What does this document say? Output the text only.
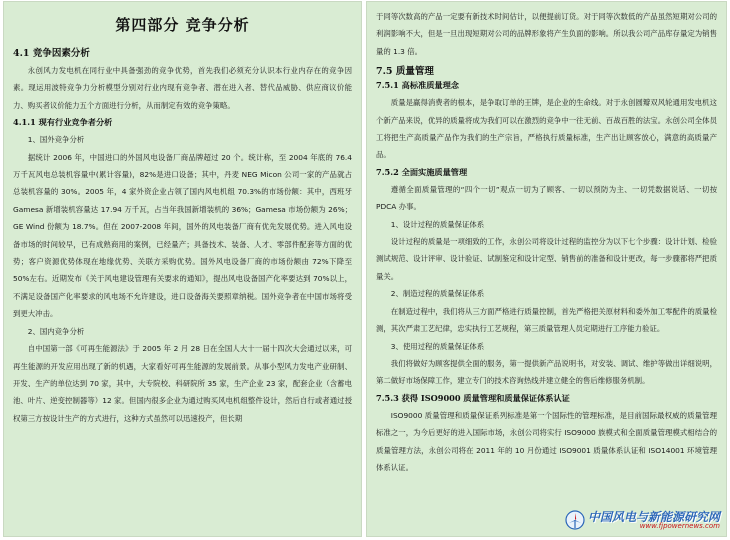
第四部分 竞争分析
4.1 竞争因素分析

永创风力发电机在同行业中具备强劲的竞争优势，首先我们必须充分认识本行业内存在的竞争因素。现运用波特竞争力分析模型分别对行业内现有竞争者、潜在进入者、替代品威胁、供应商议价能力、购买者议价能力五个方面进行分析，从而制定有效的竞争策略。

4.1.1 现有行业竞争者分析

1、国外竞争分析

据统计 2006 年，中国进口的外国风电设备厂商品牌超过 20 个。统计称，至 2004 年底的 76.4 万千瓦风电总装机容量中(累计容量)，82%是进口设备；其中，丹麦 NEG Micon 公司一家的产品就占总装机容量的 30%。2005 年，4 家外资企业占领了国内风电机组 70.3%的市场份额：其中，西班牙 Gamesa 新增装机容量达 17.94 万千瓦，占当年我国新增装机的 36%；Gamesa 市场份额为 26%；GE Wind 份额为 18.7%。但在 2007-2008 年间，国外的风电装备厂商有优先发展优势。进入风电设备市场的时间较早，已有成熟商用的案例，已经量产；具备技术、装备、人才、零部件配套等方面的优势；客户资源优势体现在地缘优势、关联方采购优势。国外风电设备厂商的市场份额由 72%下降至 50%左右。近期发布《关于风电建设管理有关要求的通知》，提出风电设备国产化率要达到 70%以上，不满足设备国产化率要求的风电场不允许建设，进口设备海关要照章纳税。国外竞争者在中国市场将受到更大冲击。

2、国内竞争分析

自中国第一部《可再生能源法》于 2005 年 2 月 28 日在全国人大十一届十四次大会通过以来，可再生能源的开发应用出现了新的机遇，大家看好可再生能源的发展前景。从事小型风力发电产业研制、开发、生产的单位达到 70 家，其中，大专院校、科研院所 35 家，生产企业 23 家，配套企业（含蓄电池、叶片、逆变控制器等）12 家。但国内很多企业为通过购买风电机组整件设计，然后自行或者通过授权第三方按设计生产的方式进行，这种方式虽然可以迅速投产，但长期

于同等次数高的产品一定要有新技术时间估计，以便提前订货。对于同等次数低的产品虽然短期对公司的利润影响不大，但是一旦出现短期对公司的品牌形象将产生负面的影响。所以我公司产品库存量定为销售量的 1.3 倍。

7.5 质量管理
7.5.1 高标准质量理念

质量是赢得消费者的根本，是争取订单的王牌，是企业的生命线。对于永创圆瓣双风轮通用发电机这个新产品来说，优异的质量将成为我们可以在激烈的竞争中一往无前、百战百胜的法宝。永创公司全体员工将把生产高质量产品作为我们的生产宗旨，严格执行质量标准，生产出让顾客放心，满意的高质量产品。

7.5.2 全面实施质量管理

遵循全面质量管理的“四个一切”观点一切为了顾客、一切以预防为主、一切凭数据说话、一切按 PDCA 办事。

1、设计过程的质量保证体系

设计过程的质量是一项细致的工作，永创公司将设计过程的监控分为以下七个步骤：设计计划、检验测试规范、设计评审、设计验证、试制鉴定和设计定型、销售前的准备和设计更改，每一步骤都将严把质量关。

2、制造过程的质量保证体系

在制造过程中，我们将从三方面严格进行质量控制，首先严格把关原材料和委外加工零配件的质量检测，其次严肃工艺纪律，忠实执行工艺规程，第三质量管理人员定期进行工序能力验证。

3、使用过程的质量保证体系

我们将做好为顾客提供全面的服务，第一提供新产品说明书，对安装、调试、维护等做出详细说明，第二做好市场保障工作，建立专门的技术咨询热线并建立健全的售后维修服务机制。

7.5.3 获得 ISO9000 质量管理和质量保证体系认证

ISO9000 质量管理和质量保证系列标准是第一个国际性的管理标准，是目前国际最权威的质量管理标准之一，为今后更好的进入国际市场，永创公司将实行 ISO9000 族模式和全面质量管理模式相结合的质量管理方法，永创公司将在 2011 年的 10 月份通过 ISO9001 质量体系认证和 ISO14001 环境管理体系认证。

中国风电与新能源研究网
www.fjpowernews.com
